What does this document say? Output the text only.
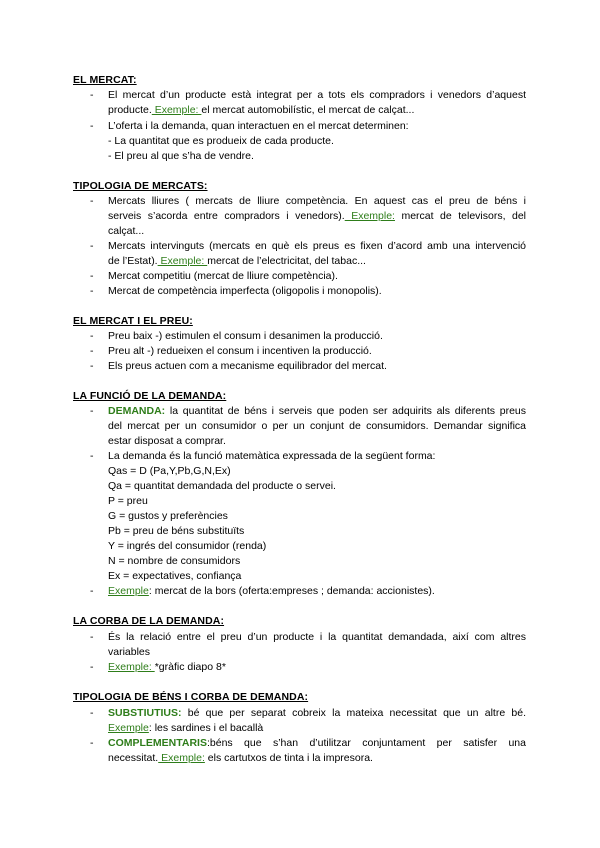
EL MERCAT:
- El mercat d’un producte està integrat per a tots els compradors i venedors d’aquest
producte. Exemple: el mercat automobilístic, el mercat de calçat...
- L’oferta i la demanda, quan interactuen en el mercat determinen:
- La quantitat que es produeix de cada producte.
- El preu al que s’ha de vendre.
TIPOLOGIA DE MERCATS:
- Mercats lliures ( mercats de lliure competència. En aquest cas el preu de béns i
serveis s’acorda entre compradors i venedors). Exemple: mercat de televisors, del
calçat...
- Mercats intervinguts (mercats en què els preus es fixen d’acord amb una intervenció
de l’Estat). Exemple: mercat de l’electricitat, del tabac...
- Mercat competitiu (mercat de lliure competència).
- Mercat de competència imperfecta (oligopolis i monopolis).
EL MERCAT I EL PREU:
- Preu baix -) estimulen el consum i desanimen la producció.
- Preu alt -) redueixen el consum i incentiven la producció.
- Els preus actuen com a mecanisme equilibrador del mercat.
LA FUNCIÓ DE LA DEMANDA:
- DEMANDA: la quantitat de béns i serveis que poden ser adquirits als diferents preus
del mercat per un consumidor o per un conjunt de consumidors. Demandar significa
estar disposat a comprar.
- La demanda és la funció matemàtica expressada de la següent forma:
Qas = D (Pa,Y,Pb,G,N,Ex)
Qa = quantitat demandada del producte o servei.
P = preu
G = gustos y preferències
Pb = preu de béns substituïts
Y = ingrés del consumidor (renda)
N = nombre de consumidors
Ex = expectatives, confiança
- Exemple: mercat de la bors (oferta:empreses ; demanda: accionistes).
LA CORBA DE LA DEMANDA:
- És la relació entre el preu d’un producte i la quantitat demandada, així com altres
variables
- Exemple: *gràfic diapo 8*
TIPOLOGIA DE BÉNS I CORBA DE DEMANDA:
- SUBSTIUTIUS: bé que per separat cobreix la mateixa necessitat que un altre bé.
Exemple: les sardines i el bacallà
- COMPLEMENTARIS:béns que s’han d’utilitzar conjuntament per satisfer una
necessitat. Exemple: els cartutxos de tinta i la impresora.
